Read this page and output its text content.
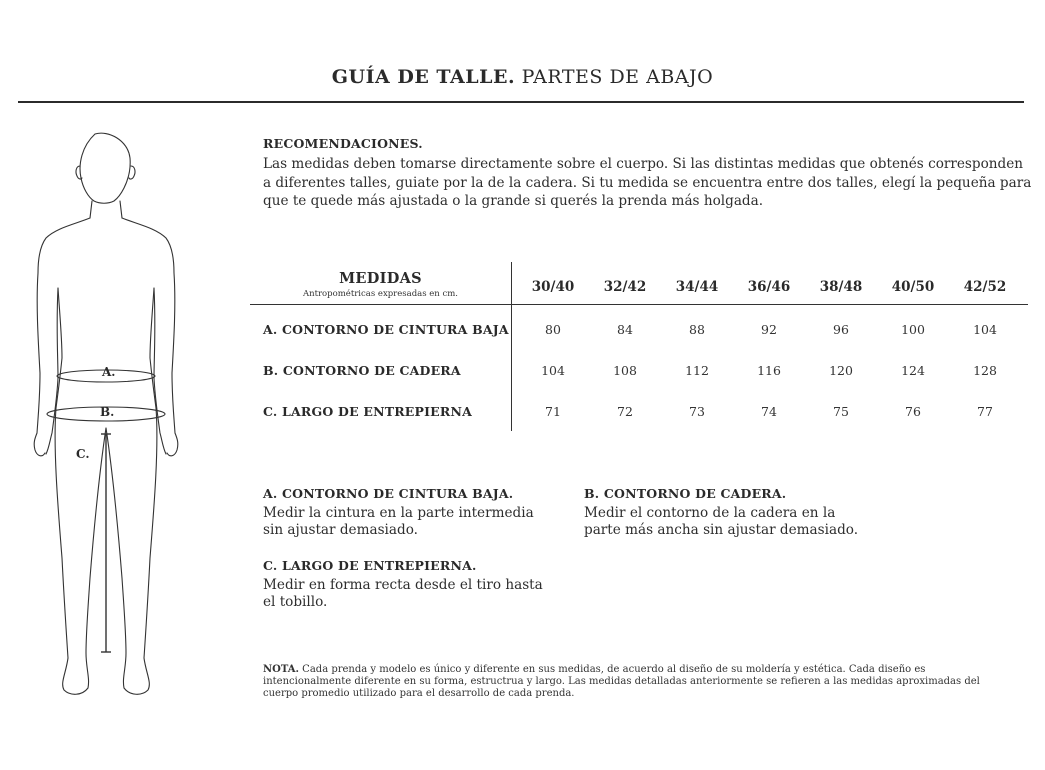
GUÍA DE TALLE. PARTES DE ABAJO
A.
B.
C.
RECOMENDACIONES.
Las medidas deben tomarse directamente sobre el cuerpo. Si las distintas medidas que obtenés corresponden a diferentes talles, guiate por la de la cadera. Si tu medida se encuentra entre dos talles, elegí la pequeña para que te quede más ajustada o la grande si querés la prenda más holgada.
MEDIDAS
Antropométricas expresadas en cm.	30/40	32/42	34/44	36/46	38/48	40/50	42/52
A. CONTORNO DE CINTURA BAJA	80	84	88	92	96	100	104
B. CONTORNO DE CADERA	104	108	112	116	120	124	128
C. LARGO DE ENTREPIERNA	71	72	73	74	75	76	77
A. CONTORNO DE CINTURA BAJA.
Medir la cintura en la parte intermedia sin ajustar demasiado.
B. CONTORNO DE CADERA.
Medir el contorno de la cadera en la parte más ancha sin ajustar demasiado.
C. LARGO DE ENTREPIERNA.
Medir en forma recta desde el tiro hasta el tobillo.
NOTA. Cada prenda y modelo es único y diferente en sus medidas, de acuerdo al diseño de su moldería y estética. Cada diseño es intencionalmente diferente en su forma, estructrua y largo. Las medidas detalladas anteriormente se refieren a las medidas aproximadas del cuerpo promedio utilizado para el desarrollo de cada prenda.
